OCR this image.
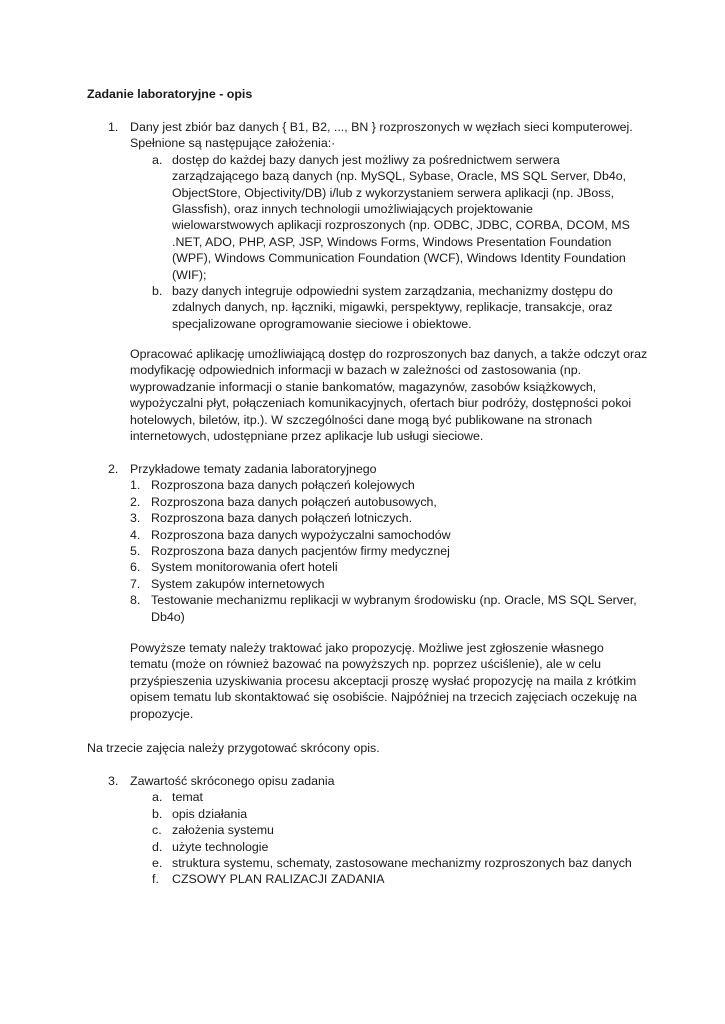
Zadanie laboratoryjne - opis
1. Dany jest zbiór baz danych { B1, B2, ..., BN } rozproszonych w węzłach sieci komputerowej.
Spełnione są następujące założenia:·
a. dostęp do każdej bazy danych jest możliwy za pośrednictwem serwera
zarządzającego bazą danych (np. MySQL, Sybase, Oracle, MS SQL Server, Db4o,
ObjectStore, Objectivity/DB) i/lub z wykorzystaniem serwera aplikacji (np. JBoss,
Glassfish), oraz innych technologii umożliwiających projektowanie
wielowarstwowych aplikacji rozproszonych (np. ODBC, JDBC, CORBA, DCOM, MS
.NET, ADO, PHP, ASP, JSP, Windows Forms, Windows Presentation Foundation
(WPF), Windows Communication Foundation (WCF), Windows Identity Foundation
(WIF);
b. bazy danych integruje odpowiedni system zarządzania, mechanizmy dostępu do
zdalnych danych, np. łączniki, migawki, perspektywy, replikacje, transakcje, oraz
specjalizowane oprogramowanie sieciowe i obiektowe.
Opracować aplikację umożliwiającą dostęp do rozproszonych baz danych, a także odczyt oraz
modyfikację odpowiednich informacji w bazach w zależności od zastosowania (np.
wyprowadzanie informacji o stanie bankomatów, magazynów, zasobów książkowych,
wypożyczalni płyt, połączeniach komunikacyjnych, ofertach biur podróży, dostępności pokoi
hotelowych, biletów, itp.). W szczególności dane mogą być publikowane na stronach
internetowych, udostępniane przez aplikacje lub usługi sieciowe.
2. Przykładowe tematy zadania laboratoryjnego
1. Rozproszona baza danych połączeń kolejowych
2. Rozproszona baza danych połączeń autobusowych,
3. Rozproszona baza danych połączeń lotniczych.
4. Rozproszona baza danych wypożyczalni samochodów
5. Rozproszona baza danych pacjentów firmy medycznej
6. System monitorowania ofert hoteli
7. System zakupów internetowych
8. Testowanie mechanizmu replikacji w wybranym środowisku (np. Oracle, MS SQL Server,
Db4o)
Powyższe tematy należy traktować jako propozycję. Możliwe jest zgłoszenie własnego
tematu (może on również bazować na powyższych np. poprzez uściślenie), ale w celu
przyśpieszenia uzyskiwania procesu akceptacji proszę wysłać propozycję na maila z krótkim
opisem tematu lub skontaktować się osobiście. Najpóźniej na trzecich zajęciach oczekuję na
propozycje.
Na trzecie zajęcia należy przygotować skrócony opis.
3. Zawartość skróconego opisu zadania
a. temat
b. opis działania
c. założenia systemu
d. użyte technologie
e. struktura systemu, schematy, zastosowane mechanizmy rozproszonych baz danych
f. CZSOWY PLAN RALIZACJI ZADANIA
